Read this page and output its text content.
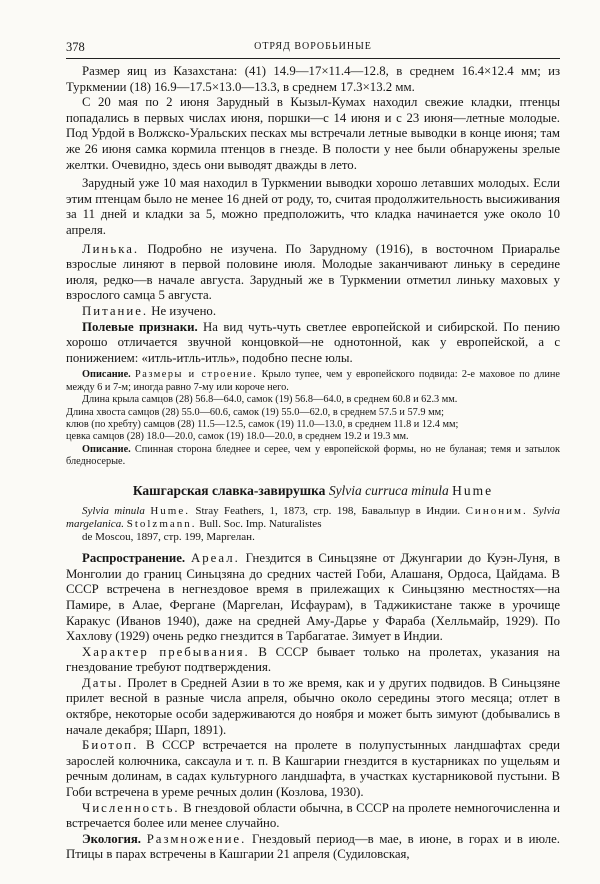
378	ОТРЯД ВОРОБЬИНЫЕ

Размер яиц из Казахстана: (41) 14.9—17×11.4—12.8, в среднем 16.4×12.4 мм; из Туркмении (18) 16.9—17.5×13.0—13.3, в среднем 17.3×13.2 мм.

С 20 мая по 2 июня Зарудный в Кызыл-Кумах находил свежие кладки, птенцы попадались в первых числах июня, поршки—с 14 июня и с 23 июня—летные молодые. Под Урдой в Волжско-Уральских песках мы встречали летные выводки в конце июня; там же 26 июня самка кормила птенцов в гнезде. В полости у нее были обнаружены зрелые желтки. Очевидно, здесь они выводят дважды в лето.

Зарудный уже 10 мая находил в Туркмении выводки хорошо летавших молодых. Если этим птенцам было не менее 16 дней от роду, то, считая продолжительность высиживания за 11 дней и кладки за 5, можно предположить, что кладка начинается уже около 10 апреля.

Линька. Подробно не изучена. По Зарудному (1916), в восточном Приаралье взрослые линяют в первой половине июля. Молодые заканчивают линьку в середине июля, редко—в начале августа. Зарудный же в Туркмении отметил линьку маховых у взрослого самца 5 августа.

Питание. Не изучено.

Полевые признаки. На вид чуть-чуть светлее европейской и сибирской. По пению хорошо отличается звучной концовкой—не однотонной, как у европейской, а с понижением: «итль-итль-итль», подобно песне юлы.

Описание. Размеры и строение. Крыло тупее, чем у европейского подвида: 2-е маховое по длине между 6 и 7-м; иногда равно 7-му или короче него.

Длина крыла самцов (28) 56.8—64.0, самок (19) 56.8—64.0, в среднем 60.8 и 62.3 мм.

Длина хвоста самцов (28) 55.0—60.6, самок (19) 55.0—62.0, в среднем 57.5 и 57.9 мм;

клюв (по хребту) самцов (28) 11.5—12.5, самок (19) 11.0—13.0, в среднем 11.8 и 12.4 мм;

цевка самцов (28) 18.0—20.0, самок (19) 18.0—20.0, в среднем 19.2 и 19.3 мм.

Описание. Спинная сторона бледнее и серее, чем у европейской формы, но не буланая; темя и затылок бледносерые.

Кашгарская славка-завирушка Sylvia curruca minula Hume

Sylvia minula Hume. Stray Feathers, 1, 1873, стр. 198, Бавальпур в Индии. Синоним. Sylvia margelanica. Stolzmann. Bull. Soc. Imp. Naturalistes

de Moscou, 1897, стр. 199, Маргелан.

Распространение. Ареал. Гнездится в Синьцзяне от Джунгарии до Куэн-Луня, в Монголии до границ Синьцзяна до средних частей Гоби, Алашаня, Ордоса, Цайдама. В СССР встречена в негнездовое время в прилежащих к Синьцзяню местностях—на Памире, в Алае, Фергане (Маргелан, Исфаурам), в Таджикистане также в урочище Каракус (Иванов 1940), даже на средней Аму-Дарье у Фараба (Хелльмайр, 1929). По Хахлову (1929) очень редко гнездится в Тарбагатае. Зимует в Индии.

Характер пребывания. В СССР бывает только на пролетах, указания на гнездование требуют подтверждения.

Даты. Пролет в Средней Азии в то же время, как и у других подвидов. В Синьцзяне прилет весной в разные числа апреля, обычно около середины этого месяца; отлет в октябре, некоторые особи задерживаются до ноября и может быть зимуют (добывались в начале декабря; Шарп, 1891).

Биотоп. В СССР встречается на пролете в полупустынных ландшафтах среди зарослей колючника, саксаула и т. п. В Кашгарии гнездится в кустарниках по ущельям и речным долинам, в садах культурного ландшафта, в участках кустарниковой пустыни. В Гоби встречена в уреме речных долин (Козлова, 1930).

Численность. В гнездовой области обычна, в СССР на пролете немногочисленна и встречается более или менее случайно.

Экология. Размножение. Гнездовый период—в мае, в июне, в горах и в июле. Птицы в парах встречены в Кашгарии 21 апреля (Судиловская,
